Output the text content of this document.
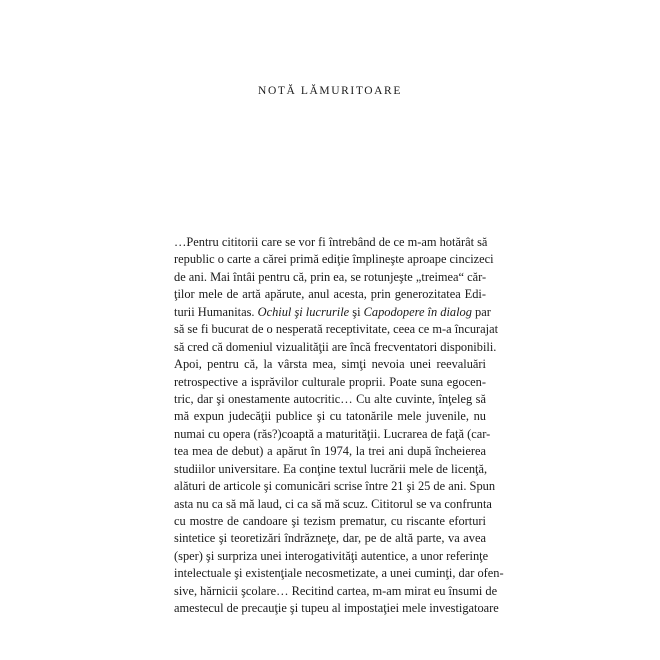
NOTĂ LĂMURITOARE
…Pentru cititorii care se vor fi întrebând de ce m-am hotărât să
republic o carte a cărei primă ediţie împlineşte aproape cincizeci
de ani. Mai întâi pentru că, prin ea, se rotunjeşte „treimea“ căr-
ţilor mele de artă apărute, anul acesta, prin generozitatea Edi-
turii Humanitas. Ochiul şi lucrurile şi Capodopere în dialog par
să se fi bucurat de o nesperată receptivitate, ceea ce m-a încurajat
să cred că domeniul vizualităţii are încă frecventatori disponibili.
Apoi, pentru că, la vârsta mea, simţi nevoia unei reevaluări
retrospective a isprăvilor culturale proprii. Poate suna egocen-
tric, dar şi onestamente autocritic… Cu alte cuvinte, înţeleg să
mă expun judecăţii publice şi cu tatonările mele juvenile, nu
numai cu opera (răs?)coaptă a maturităţii. Lucrarea de faţă (car-
tea mea de debut) a apărut în 1974, la trei ani după încheierea
studiilor universitare. Ea conţine textul lucrării mele de licenţă,
alături de articole şi comunicări scrise între 21 şi 25 de ani. Spun
asta nu ca să mă laud, ci ca să mă scuz. Cititorul se va confrunta
cu mostre de candoare şi tezism prematur, cu riscante eforturi
sintetice şi teoretizări îndrăzneţe, dar, pe de altă parte, va avea
(sper) şi surpriza unei interogativităţi autentice, a unor referinţe
intelectuale şi existenţiale necosmetizate, a unei cuminţi, dar ofen-
sive, hărnicii şcolare… Recitind cartea, m-am mirat eu însumi de
amestecul de precauţie şi tupeu al impostaţiei mele investigatoare
